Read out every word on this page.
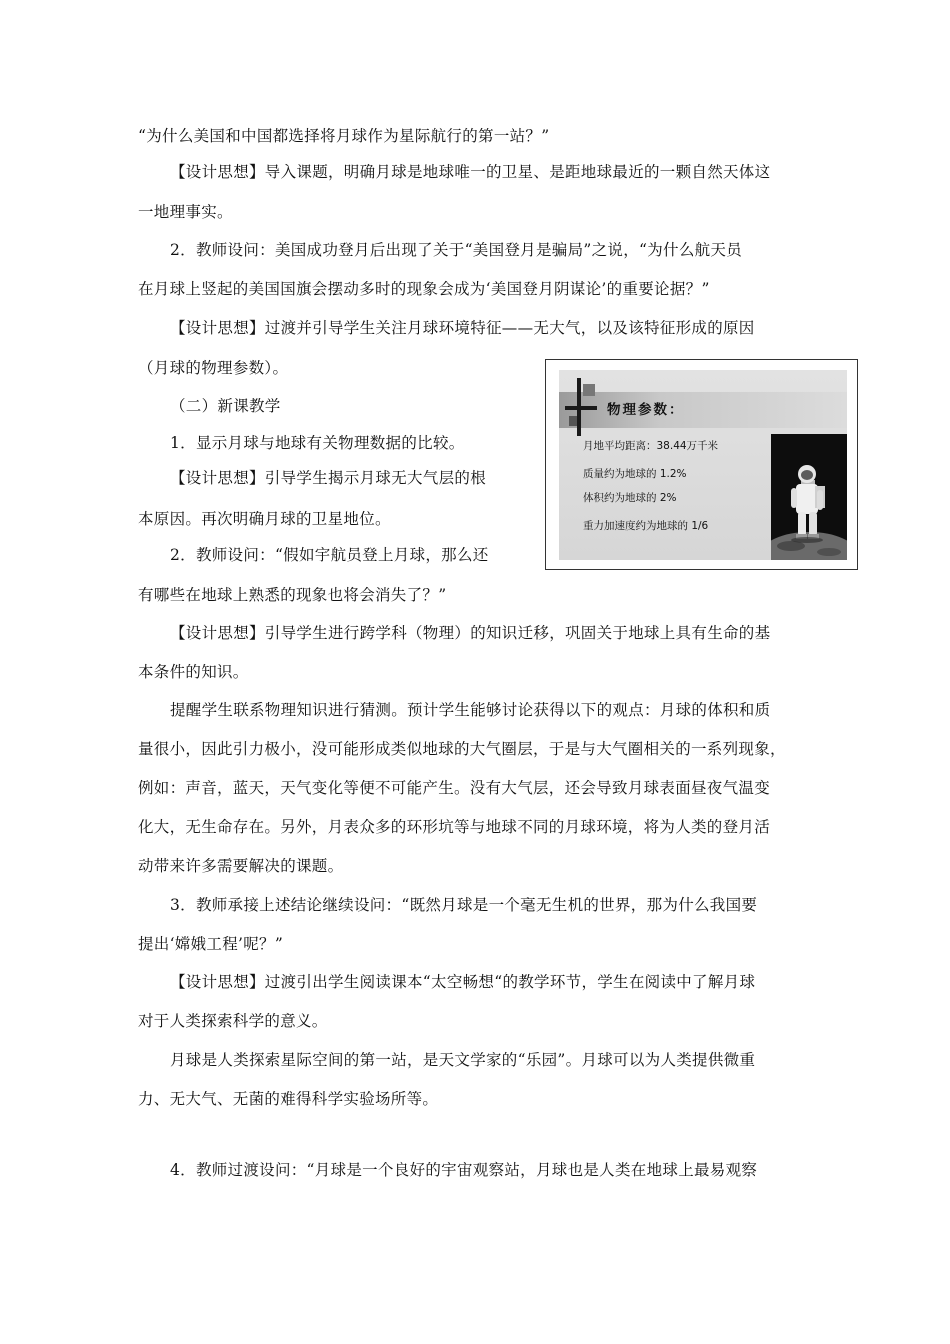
“为什么美国和中国都选择将月球作为星际航行的第一站？”
【设计思想】导入课题，明确月球是地球唯一的卫星、是距地球最近的一颗自然天体这
一地理事实。
2．教师设问：美国成功登月后出现了关于“美国登月是骗局”之说，“为什么航天员
在月球上竖起的美国国旗会摆动多时的现象会成为‘美国登月阴谋论’的重要论据？”
【设计思想】过渡并引导学生关注月球环境特征——无大气，以及该特征形成的原因
（月球的物理参数）。
（二）新课教学
1．显示月球与地球有关物理数据的比较。
【设计思想】引导学生揭示月球无大气层的根
本原因。再次明确月球的卫星地位。
2．教师设问：“假如宇航员登上月球，那么还
有哪些在地球上熟悉的现象也将会消失了？”
【设计思想】引导学生进行跨学科（物理）的知识迁移，巩固关于地球上具有生命的基
本条件的知识。
提醒学生联系物理知识进行猜测。预计学生能够讨论获得以下的观点：月球的体积和质
量很小，因此引力极小，没可能形成类似地球的大气圈层，于是与大气圈相关的一系列现象，
例如：声音，蓝天，天气变化等便不可能产生。没有大气层，还会导致月球表面昼夜气温变
化大，无生命存在。另外，月表众多的环形坑等与地球不同的月球环境，将为人类的登月活
动带来许多需要解决的课题。
3．教师承接上述结论继续设问：“既然月球是一个毫无生机的世界，那为什么我国要
提出‘嫦娥工程’呢？”
【设计思想】过渡引出学生阅读课本“太空畅想“的教学环节，学生在阅读中了解月球
对于人类探索科学的意义。
月球是人类探索星际空间的第一站，是天文学家的“乐园”。月球可以为人类提供微重
力、无大气、无菌的难得科学实验场所等。
4．教师过渡设问：“月球是一个良好的宇宙观察站，月球也是人类在地球上最易观察
物理参数：
月地平均距离：38.44万千米
质量约为地球的 1.2%
体积约为地球的 2%
重力加速度约为地球的 1/6
